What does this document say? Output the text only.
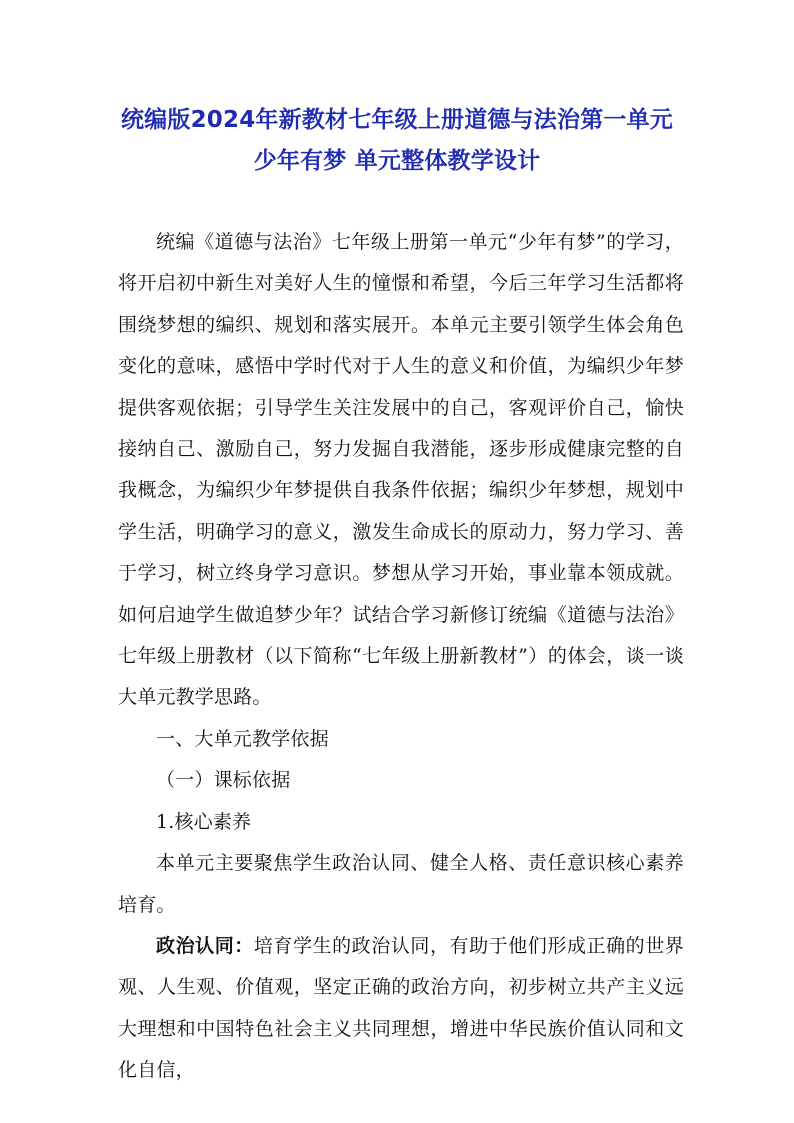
统编版2024年新教材七年级上册道德与法治第一单元 少年有梦 单元整体教学设计

统编《道德与法治》七年级上册第一单元“少年有梦”的学习，将开启初中新生对美好人生的憧憬和希望，今后三年学习生活都将围绕梦想的编织、规划和落实展开。本单元主要引领学生体会角色变化的意味，感悟中学时代对于人生的意义和价值，为编织少年梦提供客观依据；引导学生关注发展中的自己，客观评价自己，愉快接纳自己、激励自己，努力发掘自我潜能，逐步形成健康完整的自我概念，为编织少年梦提供自我条件依据；编织少年梦想，规划中学生活，明确学习的意义，激发生命成长的原动力，努力学习、善于学习，树立终身学习意识。梦想从学习开始，事业靠本领成就。如何启迪学生做追梦少年？试结合学习新修订统编《道德与法治》七年级上册教材（以下简称“七年级上册新教材”）的体会，谈一谈大单元教学思路。

一、大单元教学依据

（一）课标依据

1.核心素养

本单元主要聚焦学生政治认同、健全人格、责任意识核心素养培育。

政治认同：培育学生的政治认同，有助于他们形成正确的世界观、人生观、价值观，坚定正确的政治方向，初步树立共产主义远大理想和中国特色社会主义共同理想，增进中华民族价值认同和文化自信，
